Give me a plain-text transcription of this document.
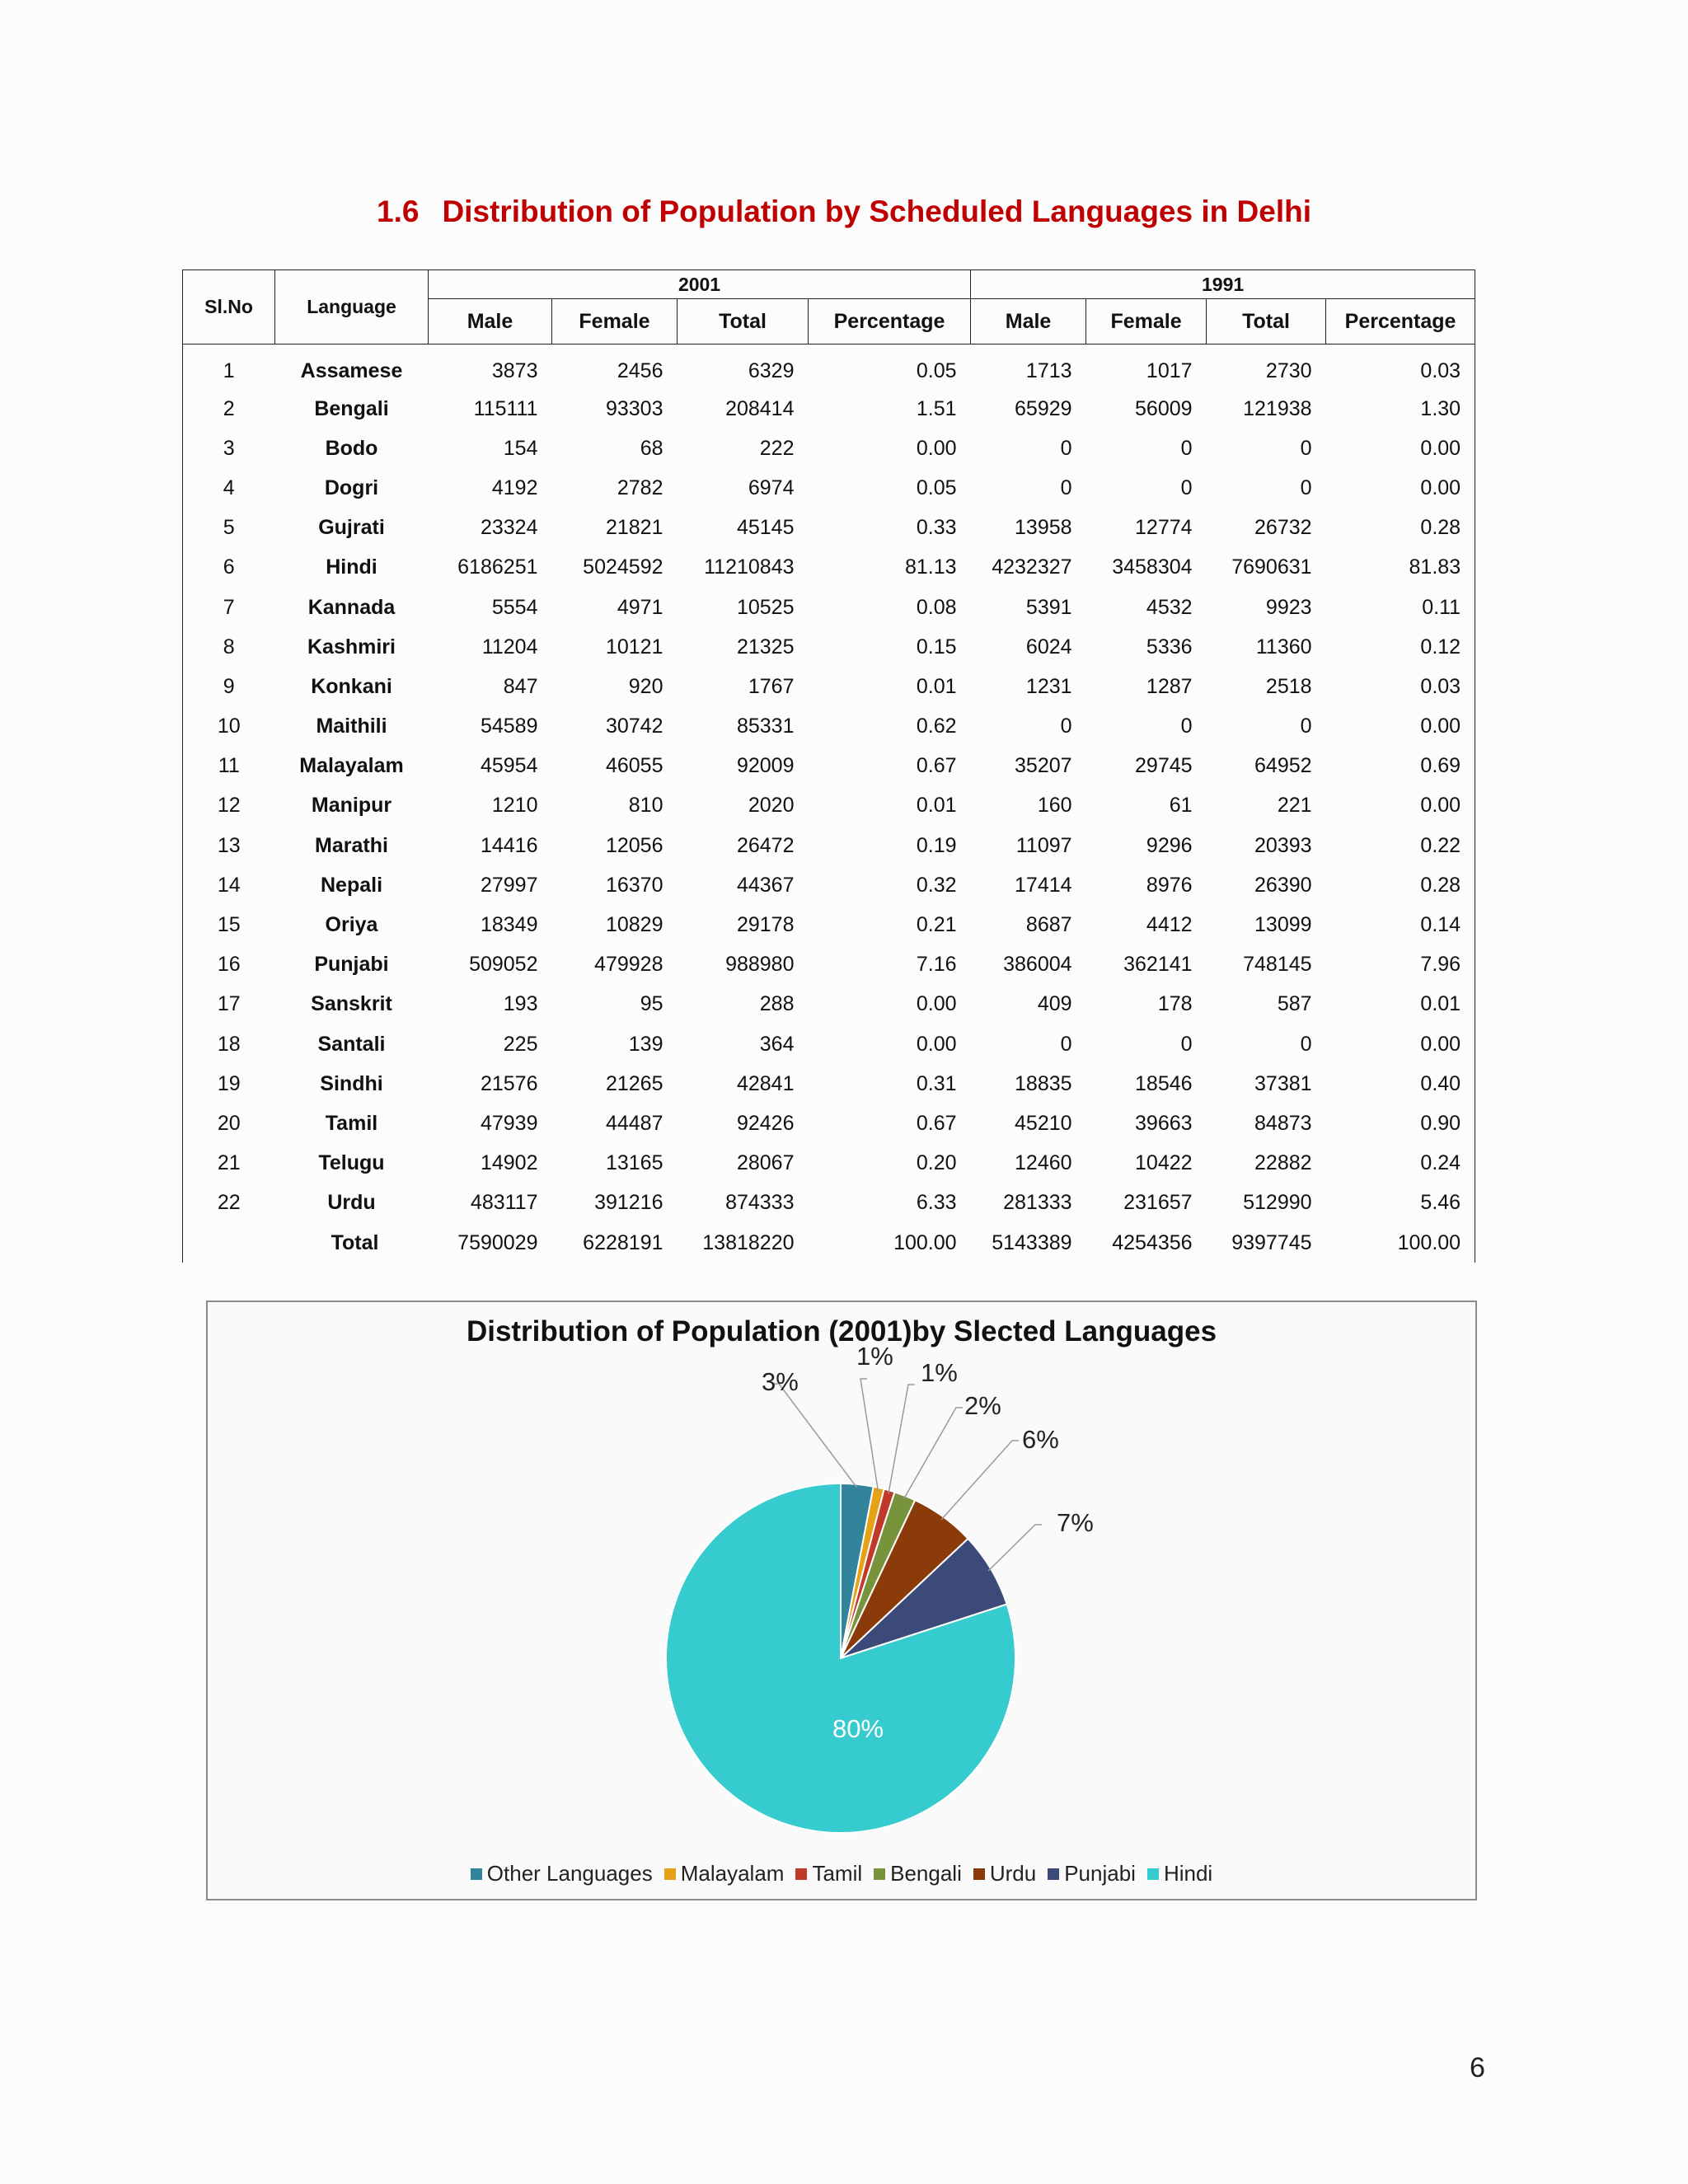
1.6 Distribution of Population by Scheduled Languages in Delhi
Sl.No	Language	2001				1991			
		Male	Female	Total	Percentage	Male	Female	Total	Percentage
1	Assamese	3873	2456	6329	0.05	1713	1017	2730	0.03
2	Bengali	115111	93303	208414	1.51	65929	56009	121938	1.30
3	Bodo	154	68	222	0.00	0	0	0	0.00
4	Dogri	4192	2782	6974	0.05	0	0	0	0.00
5	Gujrati	23324	21821	45145	0.33	13958	12774	26732	0.28
6	Hindi	6186251	5024592	11210843	81.13	4232327	3458304	7690631	81.83
7	Kannada	5554	4971	10525	0.08	5391	4532	9923	0.11
8	Kashmiri	11204	10121	21325	0.15	6024	5336	11360	0.12
9	Konkani	847	920	1767	0.01	1231	1287	2518	0.03
10	Maithili	54589	30742	85331	0.62	0	0	0	0.00
11	Malayalam	45954	46055	92009	0.67	35207	29745	64952	0.69
12	Manipur	1210	810	2020	0.01	160	61	221	0.00
13	Marathi	14416	12056	26472	0.19	11097	9296	20393	0.22
14	Nepali	27997	16370	44367	0.32	17414	8976	26390	0.28
15	Oriya	18349	10829	29178	0.21	8687	4412	13099	0.14
16	Punjabi	509052	479928	988980	7.16	386004	362141	748145	7.96
17	Sanskrit	193	95	288	0.00	409	178	587	0.01
18	Santali	225	139	364	0.00	0	0	0	0.00
19	Sindhi	21576	21265	42841	0.31	18835	18546	37381	0.40
20	Tamil	47939	44487	92426	0.67	45210	39663	84873	0.90
21	Telugu	14902	13165	28067	0.20	12460	10422	22882	0.24
22	Urdu	483117	391216	874333	6.33	281333	231657	512990	5.46
	Total	7590029	6228191	13818220	100.00	5143389	4254356	9397745	100.00
Distribution of Population (2001)by Slected Languages
3%
1%
1%
2%
6%
7%
80%
Other Languages Malayalam Tamil Bengali Urdu Punjabi Hindi
6
